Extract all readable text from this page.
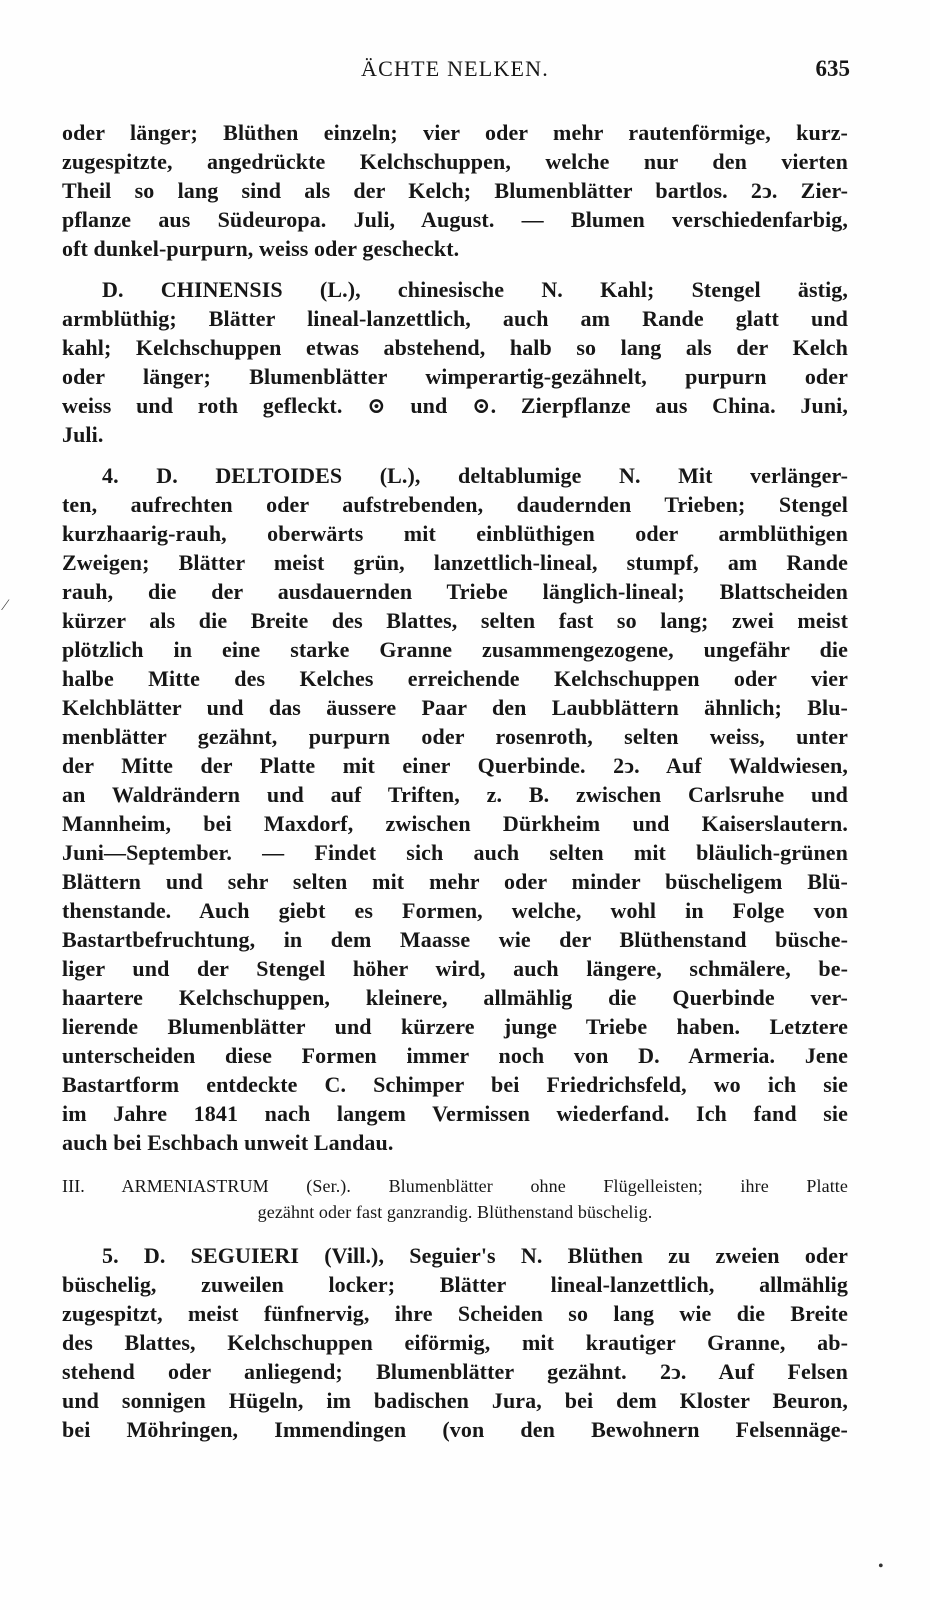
ÄCHTE NELKEN.	635
oder länger; Blüthen einzeln; vier oder mehr rautenförmige, kurz-
zugespitzte, angedrückte Kelchschuppen, welche nur den vierten
Theil so lang sind als der Kelch; Blumenblätter bartlos. 2ↄ. Zier-
pflanze aus Südeuropa. Juli, August. — Blumen verschiedenfarbig,
oft dunkel-purpurn, weiss oder gescheckt.
D. CHINENSIS (L.), chinesische N. Kahl; Stengel ästig,
armblüthig; Blätter lineal-lanzettlich, auch am Rande glatt und
kahl; Kelchschuppen etwas abstehend, halb so lang als der Kelch
oder länger; Blumenblätter wimperartig-gezähnelt, purpurn oder
weiss und roth gefleckt. ⊙ und ⊙. Zierpflanze aus China. Juni,
Juli.
4. D. DELTOIDES (L.), deltablumige N. Mit verlänger-
ten, aufrechten oder aufstrebenden, daudernden Trieben; Stengel
kurzhaarig-rauh, oberwärts mit einblüthigen oder armblüthigen
Zweigen; Blätter meist grün, lanzettlich-lineal, stumpf, am Rande
rauh, die der ausdauernden Triebe länglich-lineal; Blattscheiden
kürzer als die Breite des Blattes, selten fast so lang; zwei meist
plötzlich in eine starke Granne zusammengezogene, ungefähr die
halbe Mitte des Kelches erreichende Kelchschuppen oder vier
Kelchblätter und das äussere Paar den Laubblättern ähnlich; Blu-
menblätter gezähnt, purpurn oder rosenroth, selten weiss, unter
der Mitte der Platte mit einer Querbinde. 2ↄ. Auf Waldwiesen,
an Waldrändern und auf Triften, z. B. zwischen Carlsruhe und
Mannheim, bei Maxdorf, zwischen Dürkheim und Kaiserslautern.
Juni—September. — Findet sich auch selten mit bläulich-grünen
Blättern und sehr selten mit mehr oder minder büscheligem Blü-
thenstande. Auch giebt es Formen, welche, wohl in Folge von
Bastartbefruchtung, in dem Maasse wie der Blüthenstand büsche-
liger und der Stengel höher wird, auch längere, schmälere, be-
haartere Kelchschuppen, kleinere, allmählig die Querbinde ver-
lierende Blumenblätter und kürzere junge Triebe haben. Letztere
unterscheiden diese Formen immer noch von D. Armeria. Jene
Bastartform entdeckte C. Schimper bei Friedrichsfeld, wo ich sie
im Jahre 1841 nach langem Vermissen wiederfand. Ich fand sie
auch bei Eschbach unweit Landau.
III. ARMENIASTRUM (Ser.). Blumenblätter ohne Flügelleisten; ihre Platte
gezähnt oder fast ganzrandig. Blüthenstand büschelig.
5. D. SEGUIERI (Vill.), Seguier's N. Blüthen zu zweien oder
büschelig, zuweilen locker; Blätter lineal-lanzettlich, allmählig
zugespitzt, meist fünfnervig, ihre Scheiden so lang wie die Breite
des Blattes, Kelchschuppen eiförmig, mit krautiger Granne, ab-
stehend oder anliegend; Blumenblätter gezähnt. 2ↄ. Auf Felsen
und sonnigen Hügeln, im badischen Jura, bei dem Kloster Beuron,
bei Möhringen, Immendingen (von den Bewohnern Felsennäge-
⁄
•
